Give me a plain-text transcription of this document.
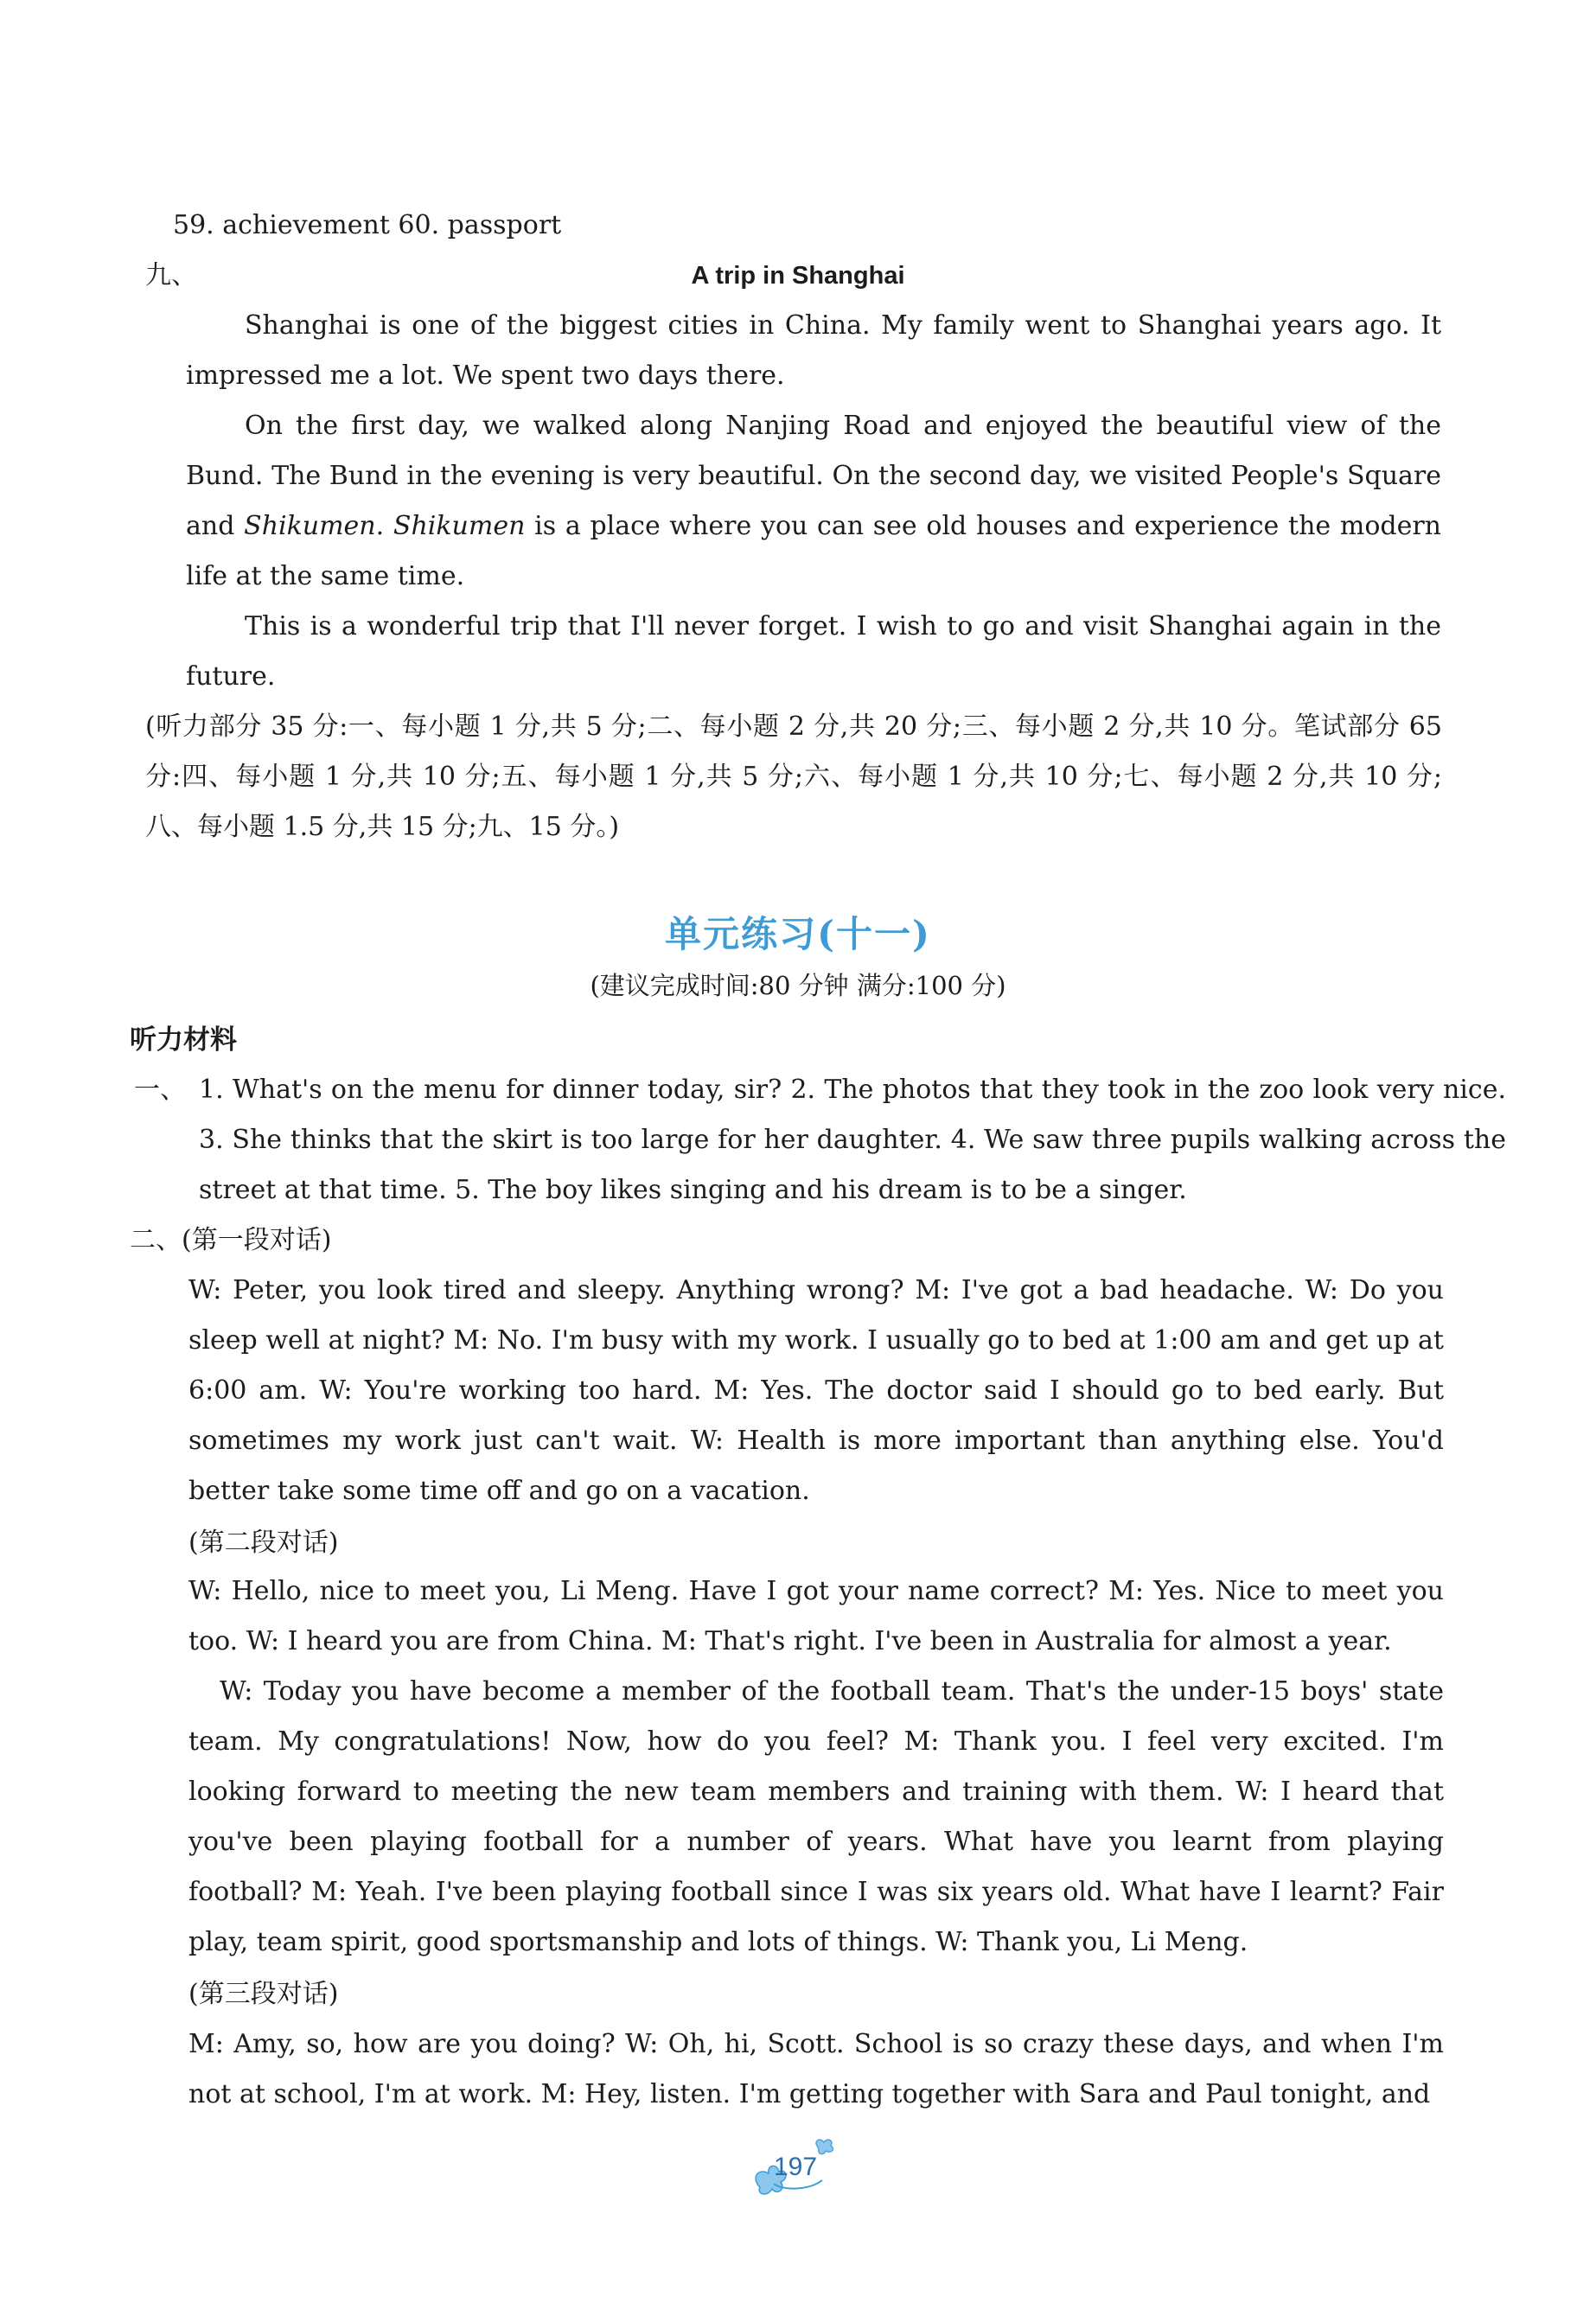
59. achievement 60. passport
九、	A trip in Shanghai
Shanghai is one of the biggest cities in China. My family went to Shanghai years ago. It impressed me a lot. We spent two days there.
On the first day, we walked along Nanjing Road and enjoyed the beautiful view of the Bund. The Bund in the evening is very beautiful. On the second day, we visited People's Square and Shikumen. Shikumen is a place where you can see old houses and experience the modern life at the same time.
This is a wonderful trip that I'll never forget. I wish to go and visit Shanghai again in the future.
(听力部分 35 分:一、每小题 1 分,共 5 分;二、每小题 2 分,共 20 分;三、每小题 2 分,共 10 分。笔试部分 65 分:四、每小题 1 分,共 10 分;五、每小题 1 分,共 5 分;六、每小题 1 分,共 10 分;七、每小题 2 分,共 10 分;八、每小题 1.5 分,共 15 分;九、15 分。)
单元练习(十一)
(建议完成时间:80 分钟 满分:100 分)
听力材料
一、 1. What's on the menu for dinner today, sir? 2. The photos that they took in the zoo look very nice. 3. She thinks that the skirt is too large for her daughter. 4. We saw three pupils walking across the street at that time. 5. The boy likes singing and his dream is to be a singer.
二、(第一段对话)
W: Peter, you look tired and sleepy. Anything wrong? M: I've got a bad headache. W: Do you sleep well at night? M: No. I'm busy with my work. I usually go to bed at 1:00 am and get up at 6:00 am. W: You're working too hard. M: Yes. The doctor said I should go to bed early. But sometimes my work just can't wait. W: Health is more important than anything else. You'd better take some time off and go on a vacation.
(第二段对话)
W: Hello, nice to meet you, Li Meng. Have I got your name correct? M: Yes. Nice to meet you too. W: I heard you are from China. M: That's right. I've been in Australia for almost a year.
W: Today you have become a member of the football team. That's the under-15 boys' state team. My congratulations! Now, how do you feel? M: Thank you. I feel very excited. I'm looking forward to meeting the new team members and training with them. W: I heard that you've been playing football for a number of years. What have you learnt from playing football? M: Yeah. I've been playing football since I was six years old. What have I learnt? Fair play, team spirit, good sportsmanship and lots of things. W: Thank you, Li Meng.
(第三段对话)
M: Amy, so, how are you doing? W: Oh, hi, Scott. School is so crazy these days, and when I'm not at school, I'm at work. M: Hey, listen. I'm getting together with Sara and Paul tonight, and
197
